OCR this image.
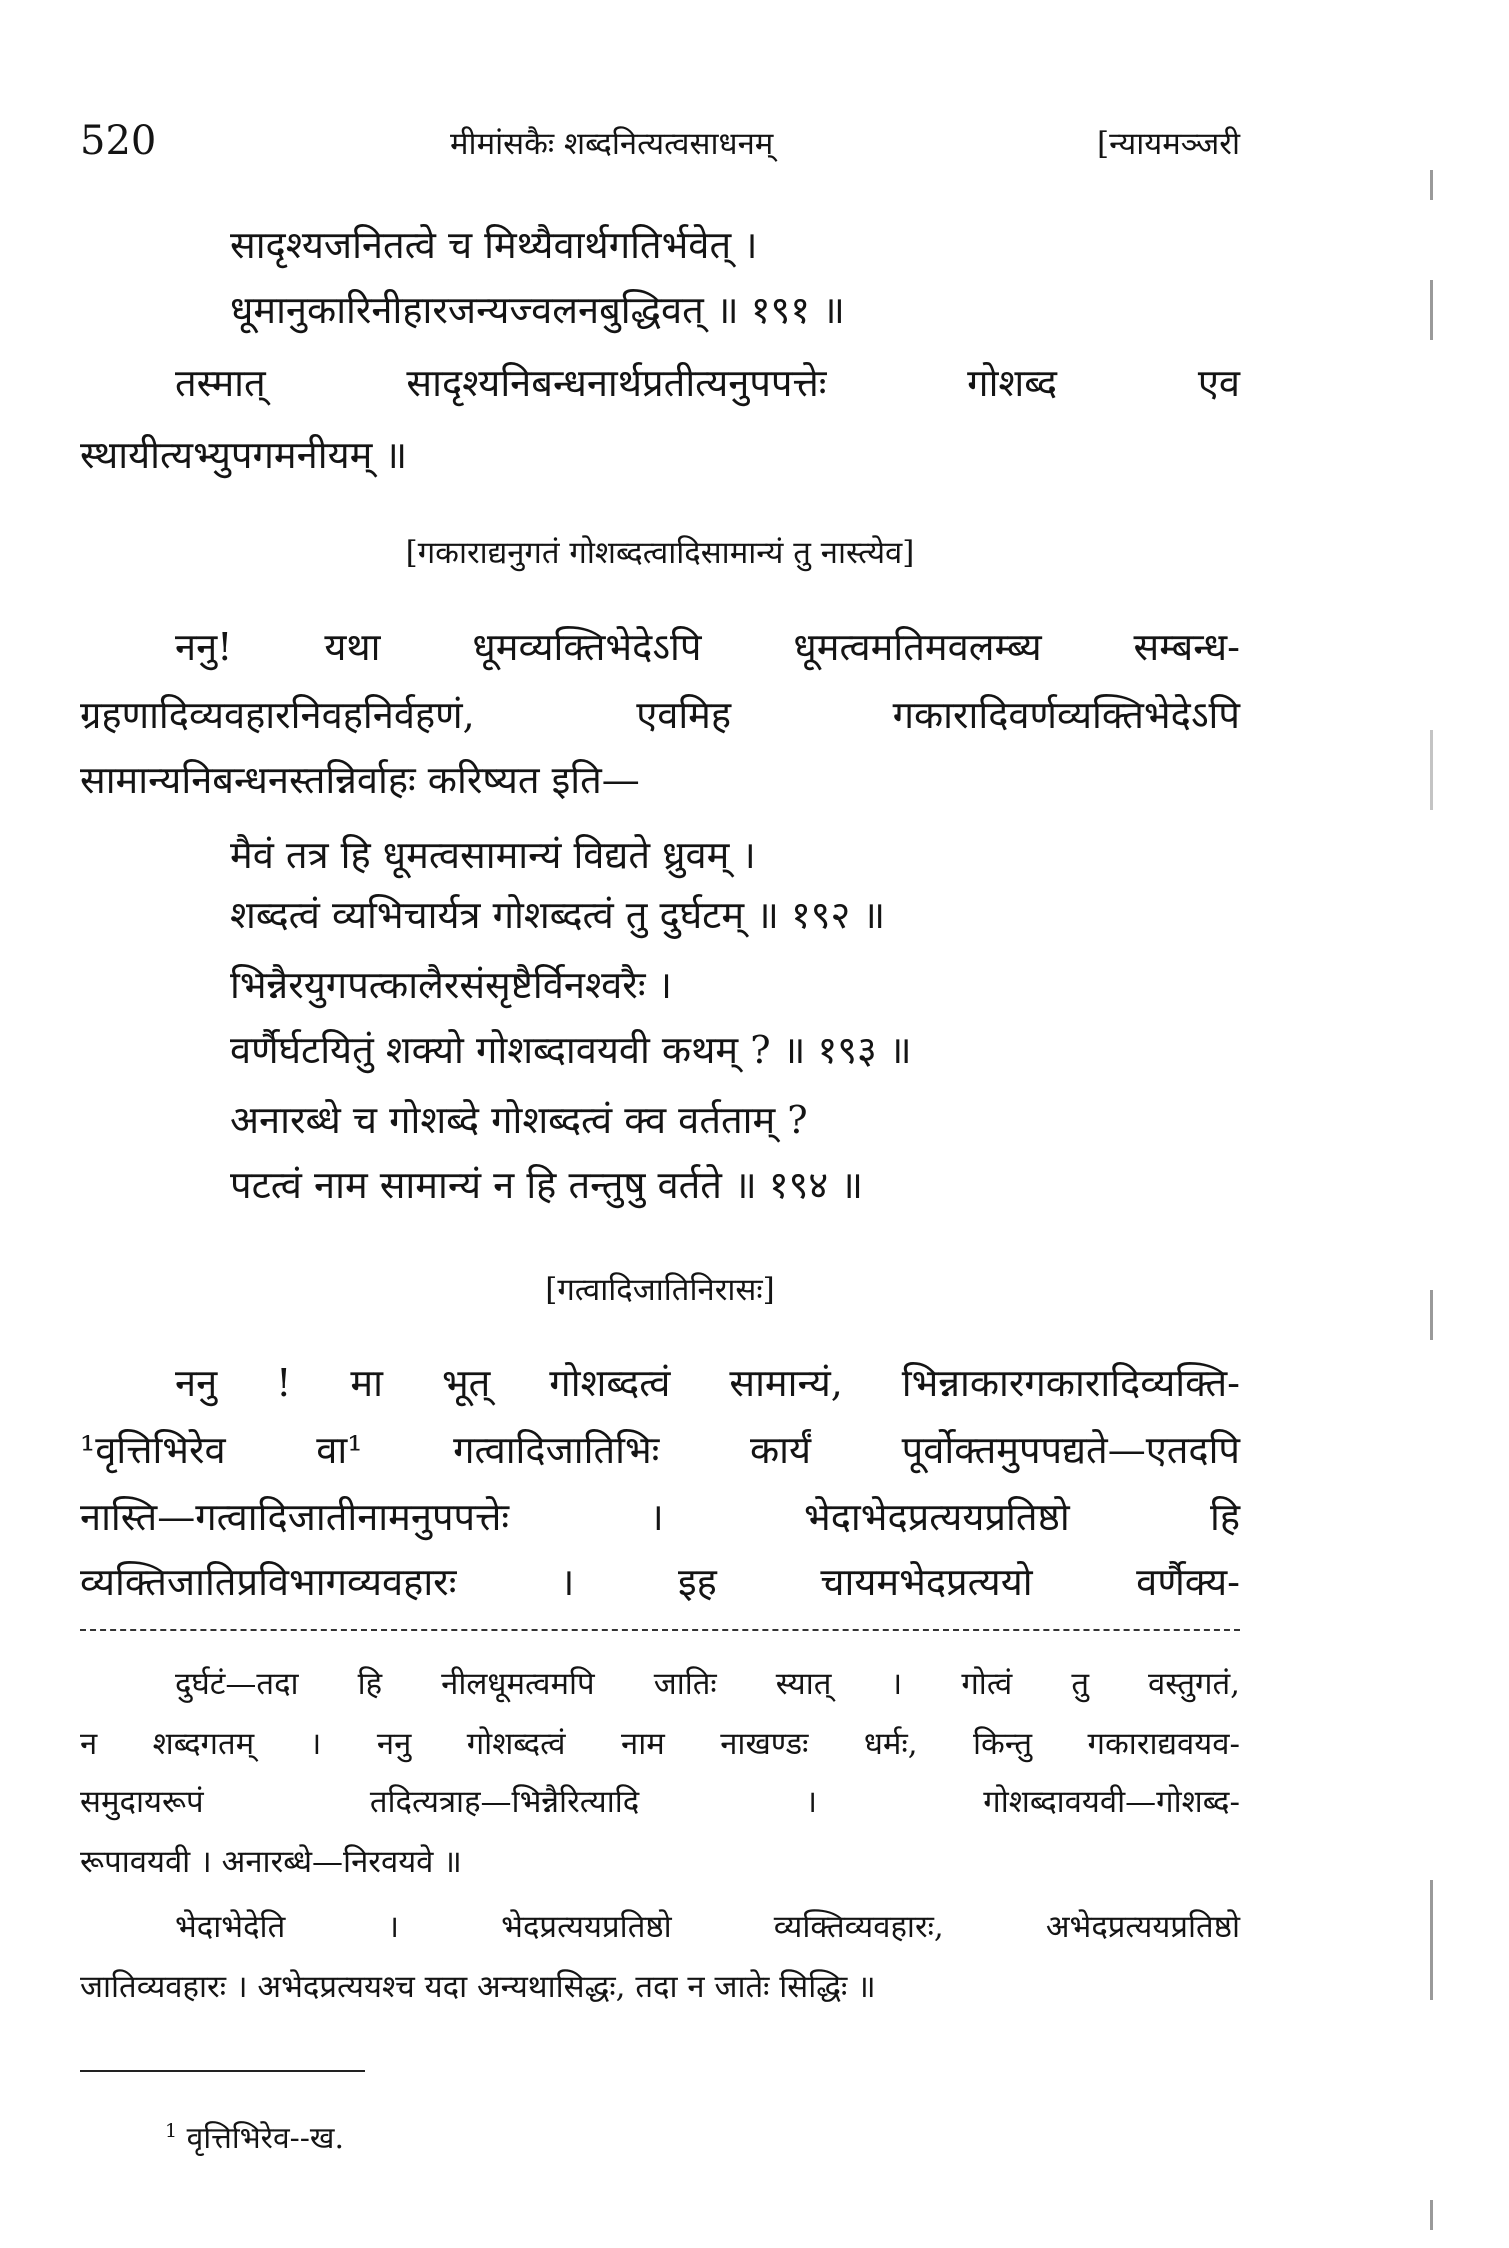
520	मीमांसकैः शब्दनित्यत्वसाधनम्	[न्यायमञ्जरी
सादृश्यजनितत्वे च मिथ्यैवार्थगतिर्भवेत् ।
धूमानुकारिनीहारजन्यज्वलनबुद्धिवत् ॥ १९१ ॥
तस्मात् सादृश्यनिबन्धनार्थप्रतीत्यनुपपत्तेः गोशब्द एव
स्थायीत्यभ्युपगमनीयम् ॥
[गकाराद्यनुगतं गोशब्दत्वादिसामान्यं तु नास्त्येव]
ननु! यथा धूमव्यक्तिभेदेऽपि धूमत्वमतिमवलम्ब्य सम्बन्ध-
ग्रहणादिव्यवहारनिवहनिर्वहणं, एवमिह गकारादिवर्णव्यक्तिभेदेऽपि
सामान्यनिबन्धनस्तन्निर्वाहः करिष्यत इति—
मैवं तत्र हि धूमत्वसामान्यं विद्यते ध्रुवम् ।
शब्दत्वं व्यभिचार्यत्र गोशब्दत्वं तु दुर्घटम् ॥ १९२ ॥
भिन्नैरयुगपत्कालैरसंसृष्टैर्विनश्वरैः ।
वर्णैर्घटयितुं शक्यो गोशब्दावयवी कथम् ? ॥ १९३ ॥
अनारब्धे च गोशब्दे गोशब्दत्वं क्व वर्तताम् ?
पटत्वं नाम सामान्यं न हि तन्तुषु वर्तते ॥ १९४ ॥
[गत्वादिजातिनिरासः]
ननु ! मा भूत् गोशब्दत्वं सामान्यं, भिन्नाकारगकारादिव्यक्ति-
¹वृत्तिभिरेव वा¹ गत्वादिजातिभिः कार्यं पूर्वोक्तमुपपद्यते—एतदपि
नास्ति—गत्वादिजातीनामनुपपत्तेः । भेदाभेदप्रत्ययप्रतिष्ठो हि
व्यक्तिजातिप्रविभागव्यवहारः । इह चायमभेदप्रत्ययो वर्णैक्य-
दुर्घटं—तदा हि नीलधूमत्वमपि जातिः स्यात् । गोत्वं तु वस्तुगतं,
न शब्दगतम् । ननु गोशब्दत्वं नाम नाखण्डः धर्मः, किन्तु गकाराद्यवयव-
समुदायरूपं तदित्यत्राह—भिन्नैरित्यादि । गोशब्दावयवी—गोशब्द-
रूपावयवी । अनारब्धे—निरवयवे ॥
भेदाभेदेति । भेदप्रत्ययप्रतिष्ठो व्यक्तिव्यवहारः, अभेदप्रत्ययप्रतिष्ठो
जातिव्यवहारः । अभेदप्रत्ययश्च यदा अन्यथासिद्धः, तदा न जातेः सिद्धिः ॥
$^1$ वृत्तिभिरेव--ख.
